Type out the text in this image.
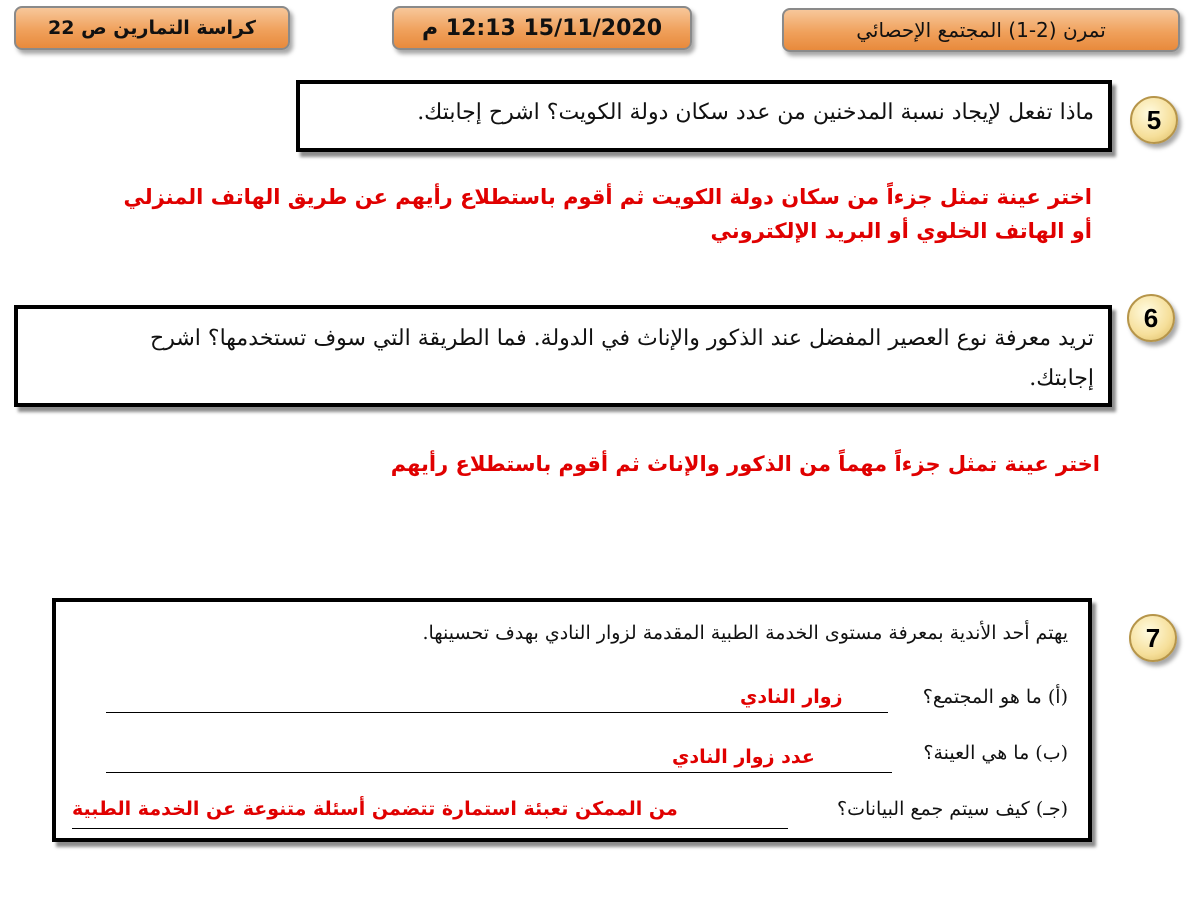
كراسة التمارين ص 22	15/11/2020 12:13 م	تمرن (2-1) المجتمع الإحصائي
5
ماذا تفعل لإيجاد نسبة المدخنين من عدد سكان دولة الكويت؟ اشرح إجابتك.
اختر عينة تمثل جزءاً من سكان دولة الكويت ثم أقوم باستطلاع رأيهم عن طريق الهاتف المنزلي
أو الهاتف الخلوي أو البريد الإلكتروني
6
تريد معرفة نوع العصير المفضل عند الذكور والإناث في الدولة. فما الطريقة التي سوف تستخدمها؟ اشرح
إجابتك.
اختر عينة تمثل جزءاً مهماً من الذكور والإناث ثم أقوم باستطلاع رأيهم
7
يهتم أحد الأندية بمعرفة مستوى الخدمة الطبية المقدمة لزوار النادي بهدف تحسينها.
(أ) ما هو المجتمع؟
زوار النادي
(ب) ما هي العينة؟
عدد زوار النادي
(جـ) كيف سيتم جمع البيانات؟
من الممكن تعبئة استمارة تتضمن أسئلة متنوعة عن الخدمة الطبية
